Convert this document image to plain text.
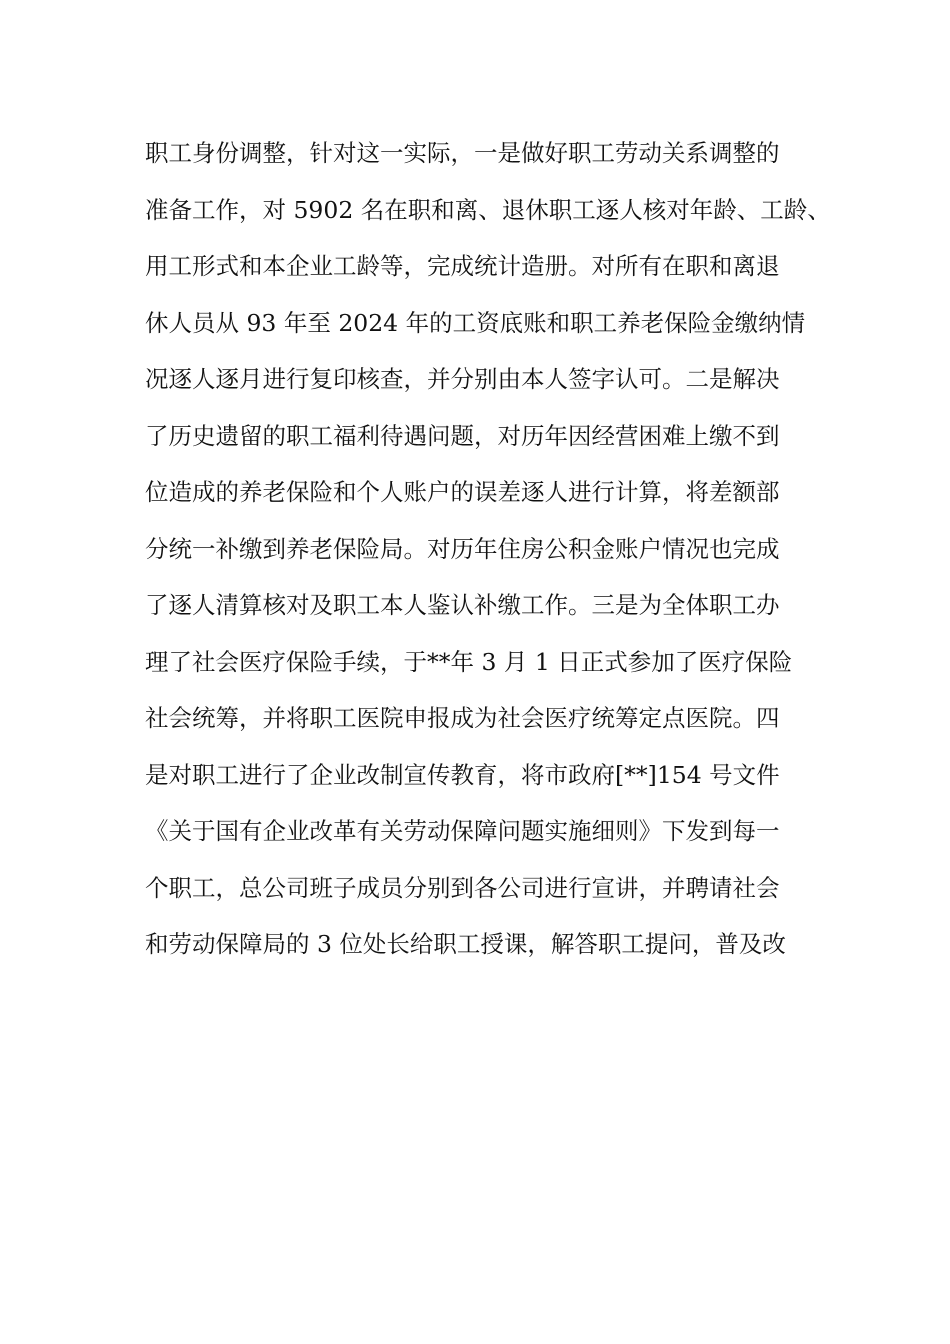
职工身份调整，针对这一实际，一是做好职工劳动关系调整的
准备工作，对 5902 名在职和离、退休职工逐人核对年龄、工龄、
用工形式和本企业工龄等，完成统计造册。对所有在职和离退
休人员从 93 年至 2024 年的工资底账和职工养老保险金缴纳情
况逐人逐月进行复印核查，并分别由本人签字认可。二是解决
了历史遗留的职工福利待遇问题，对历年因经营困难上缴不到
位造成的养老保险和个人账户的误差逐人进行计算，将差额部
分统一补缴到养老保险局。对历年住房公积金账户情况也完成
了逐人清算核对及职工本人鉴认补缴工作。三是为全体职工办
理了社会医疗保险手续，于**年 3 月 1 日正式参加了医疗保险
社会统筹，并将职工医院申报成为社会医疗统筹定点医院。四
是对职工进行了企业改制宣传教育，将市政府[**]154 号文件
《关于国有企业改革有关劳动保障问题实施细则》下发到每一
个职工，总公司班子成员分别到各公司进行宣讲，并聘请社会
和劳动保障局的 3 位处长给职工授课，解答职工提问，普及改
